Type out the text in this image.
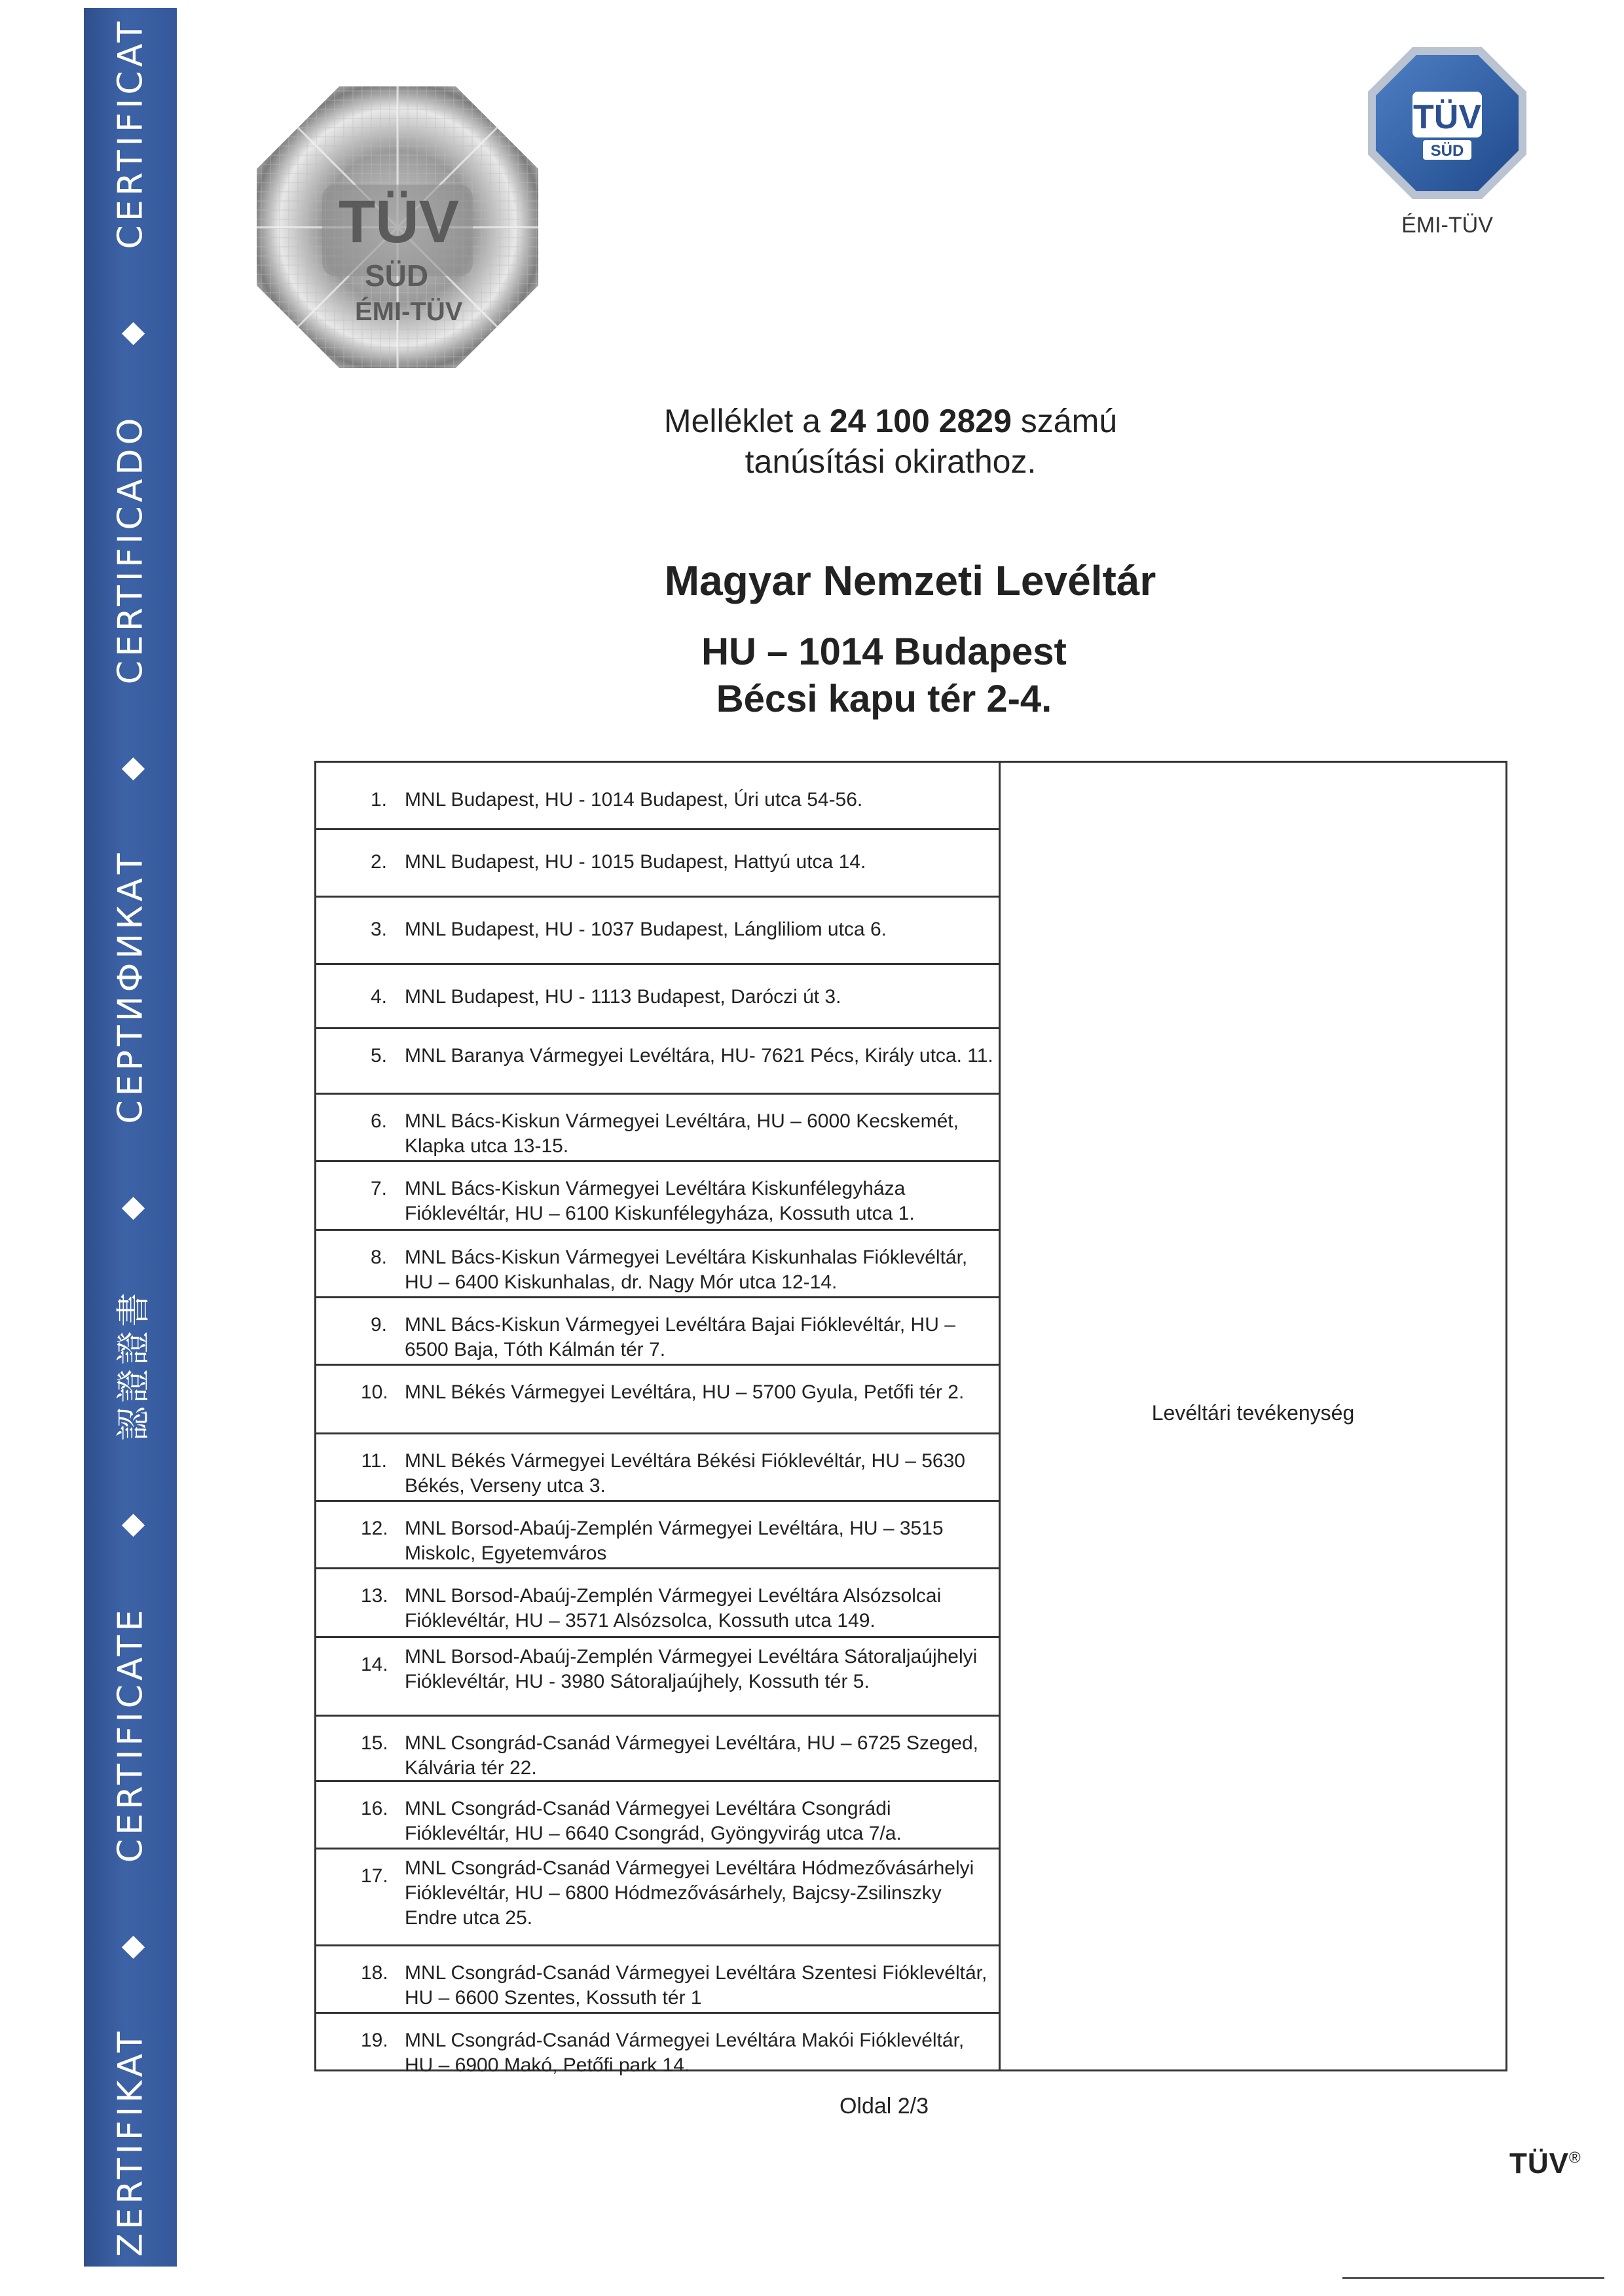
ZERTIFIKAT
◆
CERTIFICATE
◆
認證證書
◆
СЕРТИФИКАТ
◆
CERTIFICADO
◆
CERTIFICAT	TÜV
SÜD
ÉMI-TÜV
TÜV
SÜD
ÉMI-TÜV
Melléklet a 24 100 2829 számú
tanúsítási okirathoz.
Magyar Nemzeti Levéltár
HU – 1014 Budapest
Bécsi kapu tér 2-4.
1. MNL Budapest, HU - 1014 Budapest, Úri utca 54-56.
2. MNL Budapest, HU - 1015 Budapest, Hattyú utca 14.
3. MNL Budapest, HU - 1037 Budapest, Lángliliom utca 6.
4. MNL Budapest, HU - 1113 Budapest, Daróczi út 3.
5. MNL Baranya Vármegyei Levéltára, HU- 7621 Pécs, Király utca. 11.
6. MNL Bács-Kiskun Vármegyei Levéltára, HU – 6000 Kecskemét, Klapka utca 13-15.
7. MNL Bács-Kiskun Vármegyei Levéltára Kiskunfélegyháza Fióklevéltár, HU – 6100 Kiskunfélegyháza, Kossuth utca 1.
8. MNL Bács-Kiskun Vármegyei Levéltára Kiskunhalas Fióklevéltár, HU – 6400 Kiskunhalas, dr. Nagy Mór utca 12-14.
9. MNL Bács-Kiskun Vármegyei Levéltára Bajai Fióklevéltár, HU – 6500 Baja, Tóth Kálmán tér 7.
10. MNL Békés Vármegyei Levéltára, HU – 5700 Gyula, Petőfi tér 2.
11. MNL Békés Vármegyei Levéltára Békési Fióklevéltár, HU – 5630 Békés, Verseny utca 3.
12. MNL Borsod-Abaúj-Zemplén Vármegyei Levéltára, HU – 3515 Miskolc, Egyetemváros
13. MNL Borsod-Abaúj-Zemplén Vármegyei Levéltára Alsózsolcai Fióklevéltár, HU – 3571 Alsózsolca, Kossuth utca 149.
14. MNL Borsod-Abaúj-Zemplén Vármegyei Levéltára Sátoraljaújhelyi Fióklevéltár, HU - 3980 Sátoraljaújhely, Kossuth tér 5.
15. MNL Csongrád-Csanád Vármegyei Levéltára, HU – 6725 Szeged, Kálvária tér 22.
16. MNL Csongrád-Csanád Vármegyei Levéltára Csongrádi Fióklevéltár, HU – 6640 Csongrád, Gyöngyvirág utca 7/a.
17. MNL Csongrád-Csanád Vármegyei Levéltára Hódmezővásárhelyi Fióklevéltár, HU – 6800 Hódmezővásárhely, Bajcsy-Zsilinszky Endre utca 25.
18. MNL Csongrád-Csanád Vármegyei Levéltára Szentesi Fióklevéltár, HU – 6600 Szentes, Kossuth tér 1
19. MNL Csongrád-Csanád Vármegyei Levéltára Makói Fióklevéltár, HU – 6900 Makó, Petőfi park 14.
Levéltári tevékenység
Oldal 2/3
TÜV®
